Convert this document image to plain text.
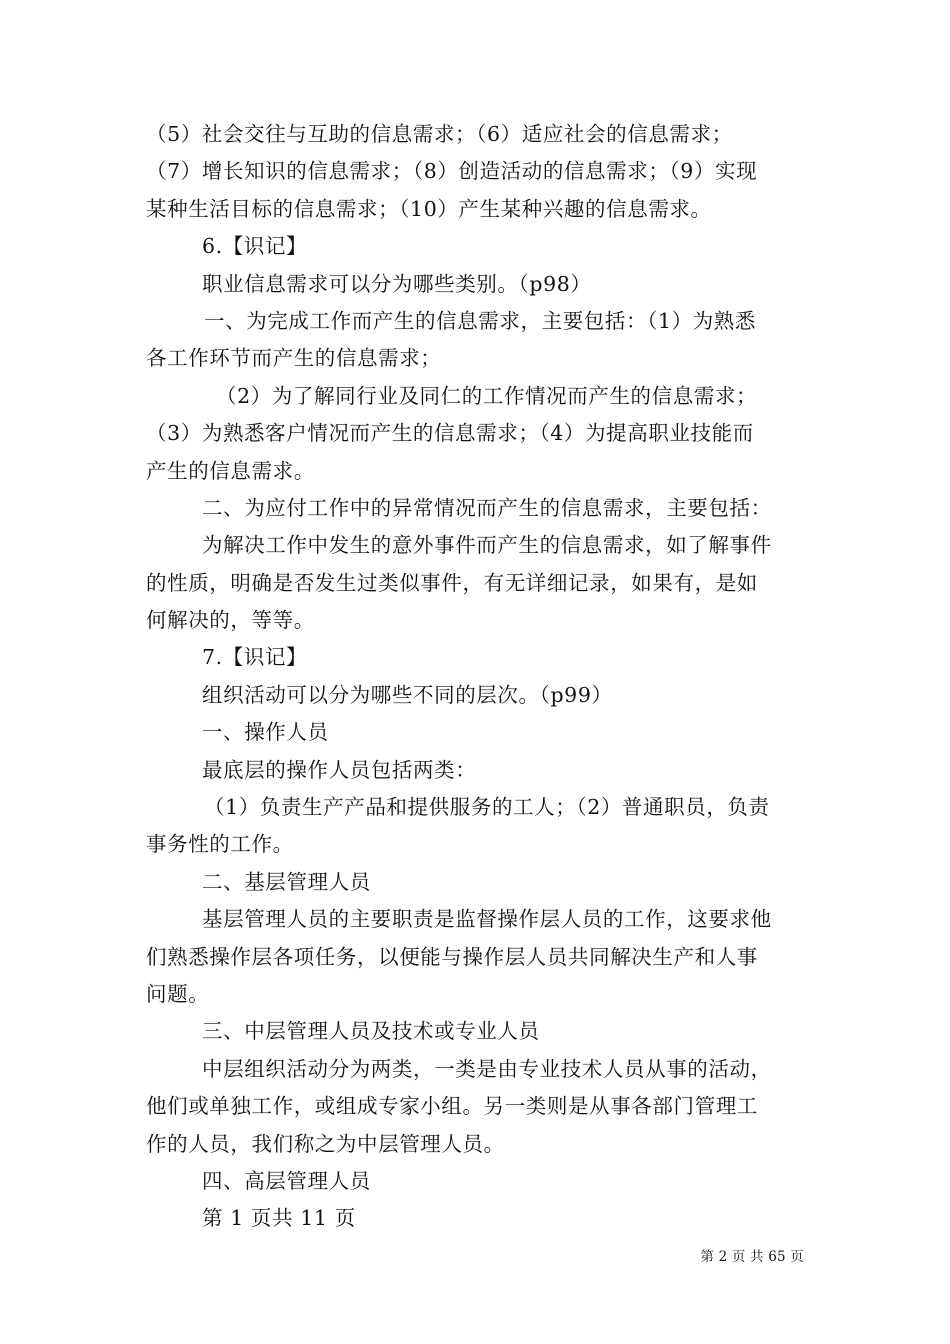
（5）社会交往与互助的信息需求；（6）适应社会的信息需求；
（7）增长知识的信息需求；（8）创造活动的信息需求；（9）实现
某种生活目标的信息需求；（10）产生某种兴趣的信息需求。
6.【识记】
职业信息需求可以分为哪些类别。（p98）
一、为完成工作而产生的信息需求，主要包括：（1）为熟悉
各工作环节而产生的信息需求；
（2）为了解同行业及同仁的工作情况而产生的信息需求；
（3）为熟悉客户情况而产生的信息需求；（4）为提高职业技能而
产生的信息需求。
二、为应付工作中的异常情况而产生的信息需求，主要包括：
为解决工作中发生的意外事件而产生的信息需求，如了解事件
的性质，明确是否发生过类似事件，有无详细记录，如果有，是如
何解决的，等等。
7.【识记】
组织活动可以分为哪些不同的层次。（p99）
一、操作人员
最底层的操作人员包括两类：
（1）负责生产产品和提供服务的工人；（2）普通职员，负责
事务性的工作。
二、基层管理人员
基层管理人员的主要职责是监督操作层人员的工作，这要求他
们熟悉操作层各项任务，以便能与操作层人员共同解决生产和人事
问题。
三、中层管理人员及技术或专业人员
中层组织活动分为两类，一类是由专业技术人员从事的活动，
他们或单独工作，或组成专家小组。另一类则是从事各部门管理工
作的人员，我们称之为中层管理人员。
四、高层管理人员
第 1 页共 11 页
第 2 页 共 65 页
